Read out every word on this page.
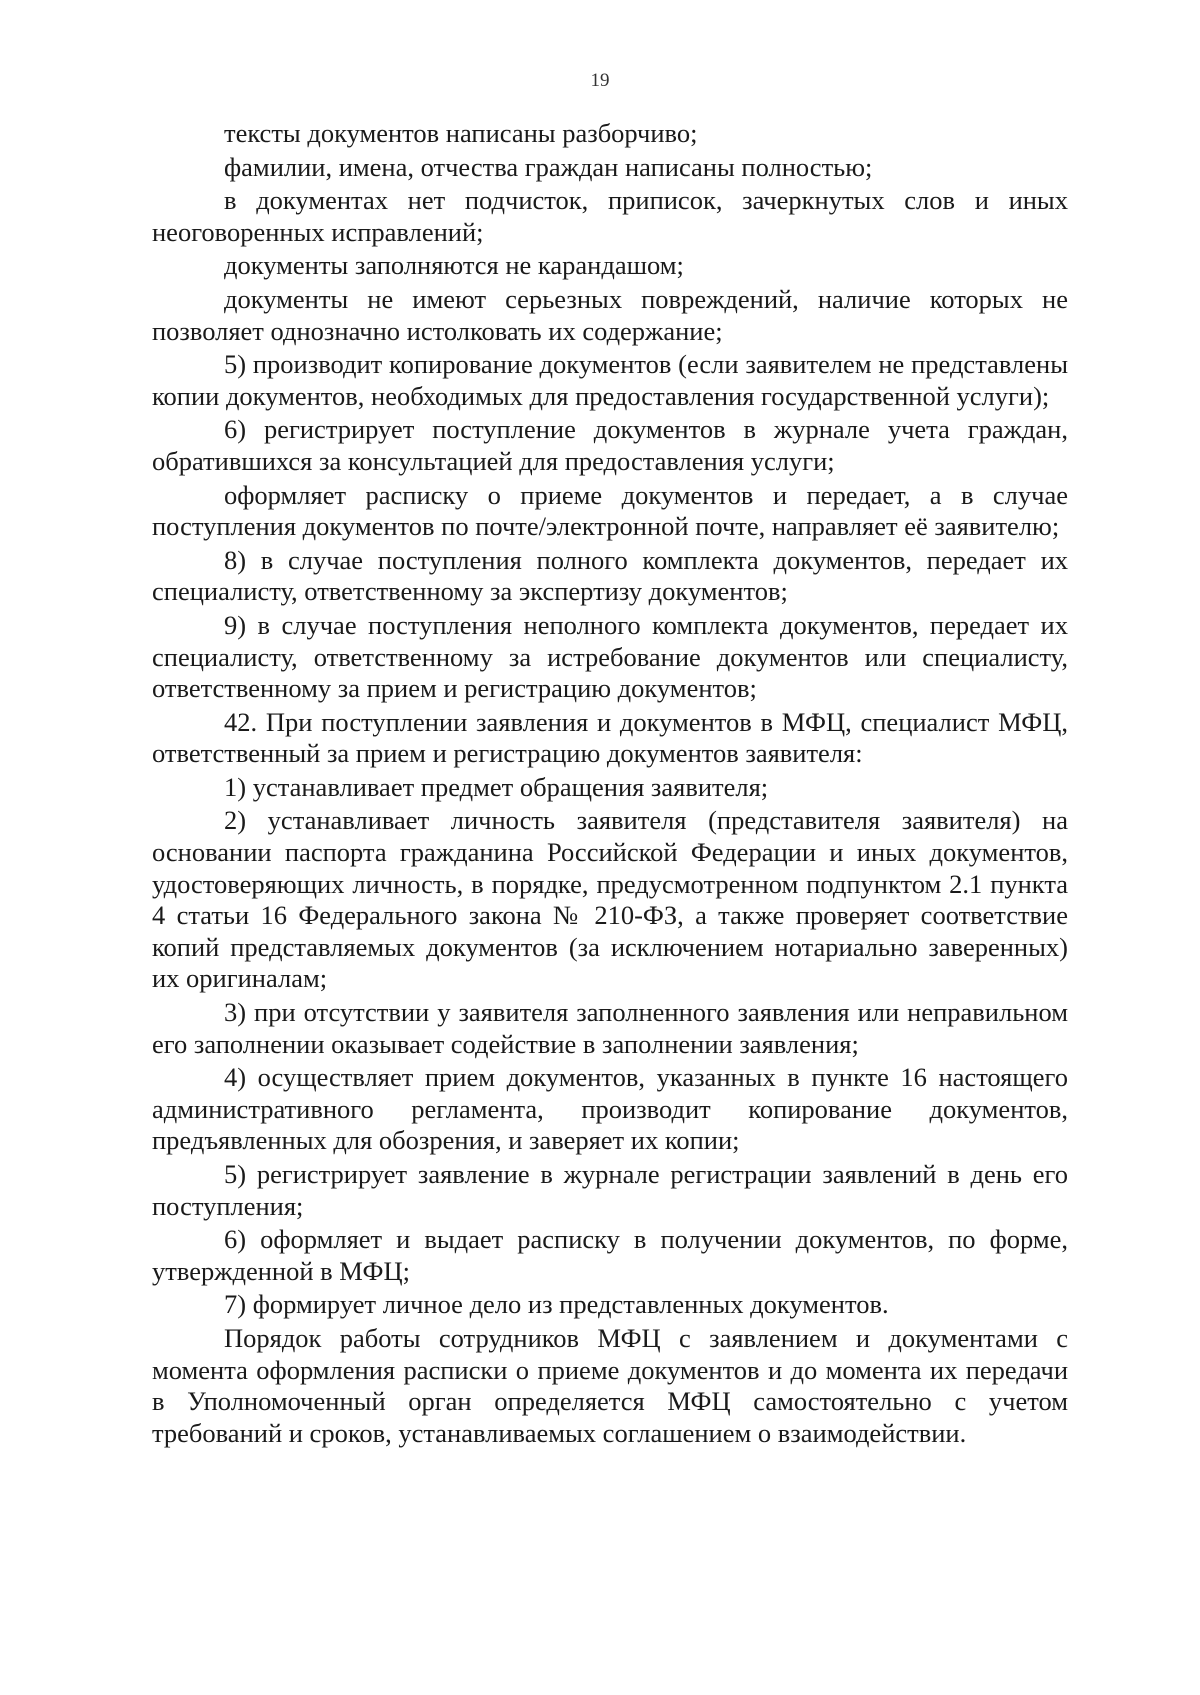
19

тексты документов написаны разборчиво;

фамилии, имена, отчества граждан написаны полностью;

в документах нет подчисток, приписок, зачеркнутых слов и иных неоговоренных исправлений;

документы заполняются не карандашом;

документы не имеют серьезных повреждений, наличие которых не позволяет однозначно истолковать их содержание;

5) производит копирование документов (если заявителем не представлены копии документов, необходимых для предоставления государственной услуги);

6) регистрирует поступление документов в журнале учета граждан, обратившихся за консультацией для предоставления услуги;

оформляет расписку о приеме документов и передает, а в случае поступления документов по почте/электронной почте, направляет её заявителю;

8) в случае поступления полного комплекта документов, передает их специалисту, ответственному за экспертизу документов;

9) в случае поступления неполного комплекта документов, передает их специалисту, ответственному за истребование документов или специалисту, ответственному за прием и регистрацию документов;

42. При поступлении заявления и документов в МФЦ, специалист МФЦ, ответственный за прием и регистрацию документов заявителя:

1) устанавливает предмет обращения заявителя;

2) устанавливает личность заявителя (представителя заявителя) на основании паспорта гражданина Российской Федерации и иных документов, удостоверяющих личность, в порядке, предусмотренном подпунктом 2.1 пункта 4 статьи 16 Федерального закона № 210-ФЗ, а также проверяет соответствие копий представляемых документов (за исключением нотариально заверенных) их оригиналам;

3) при отсутствии у заявителя заполненного заявления или неправильном его заполнении оказывает содействие в заполнении заявления;

4) осуществляет прием документов, указанных в пункте 16 настоящего административного регламента, производит копирование документов, предъявленных для обозрения, и заверяет их копии;

5) регистрирует заявление в журнале регистрации заявлений в день его поступления;

6) оформляет и выдает расписку в получении документов, по форме, утвержденной в МФЦ;

7) формирует личное дело из представленных документов.

Порядок работы сотрудников МФЦ с заявлением и документами с момента оформления расписки о приеме документов и до момента их передачи в Уполномоченный орган определяется МФЦ самостоятельно с учетом требований и сроков, устанавливаемых соглашением о взаимодействии.
